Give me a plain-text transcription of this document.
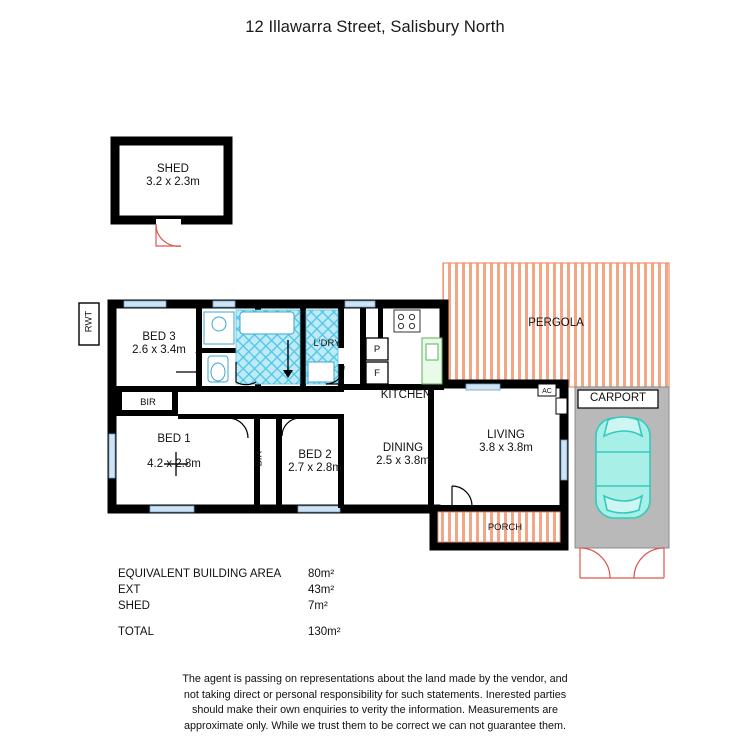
12 Illawarra Street, Salisbury North
SHED
3.2 x 2.3m
BED 3
2.6 x 3.4m
BED 1
4.2 x 2.8m
BED 2
2.7 x 2.8m
DINING
2.5 x 3.8m
LIVING
3.8 x 3.8m
KITCHEN
L'DRY
PERGOLA
CARPORT
PORCH
BIR
BIR
RWT
P
F
AC
EQUIVALENT BUILDING AREA	80m²
EXT	43m²
SHED	7m²
TOTAL	130m²
The agent is passing on representations about the land made by the vendor, and
not taking direct or personal responsibility for such statements. Inerested parties
should make their own enquiries to verity the information. Measurements are
approximate only. While we trust them to be correct we can not guarantee them.
